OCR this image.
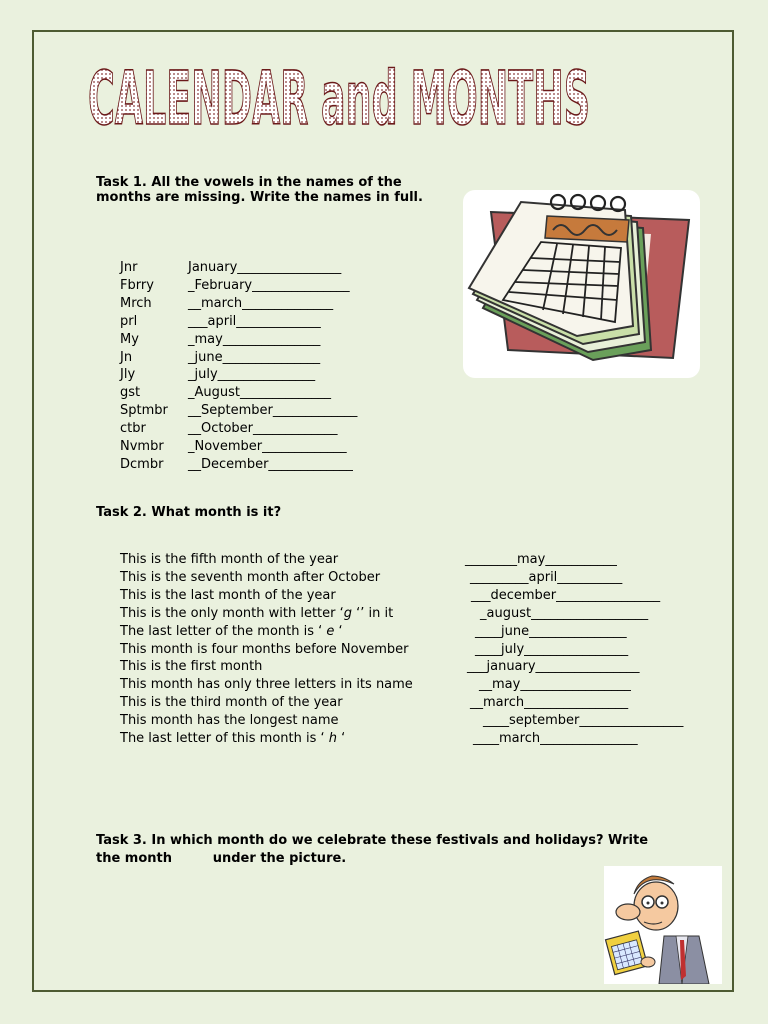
CALENDAR and MONTHS
Task 1. All the vowels in the names of the months are missing. Write the names in full.
Jnr	January________________
Fbrry	_February_______________
Mrch	__march______________
prl	___april_____________
My	_may_______________
Jn	_june_______________
Jly	_july_______________
gst	_August______________
Sptmbr __September_____________
ctbr	__October_____________
Nvmbr _November_____________
Dcmbr __December_____________
Task 2. What month is it?
This is the fifth month of the year	________may___________
This is the seventh month after October	_________april__________
This is the last month of the year	___december________________
This is the only month with letter ‘g ‘’ in it	_august__________________
The last letter of the month is ‘ e ‘	____june_______________
This month is four months before November	____july________________
This is the first month	___january________________
This month has only three letters in its name	__may_________________
This is the third month of the year	__march________________
This month has the longest name	____september________________
The last letter of this month is ‘ h ‘	____march_______________
Task 3. In which month do we celebrate these festivals and holidays? Write
the month         under the picture.
